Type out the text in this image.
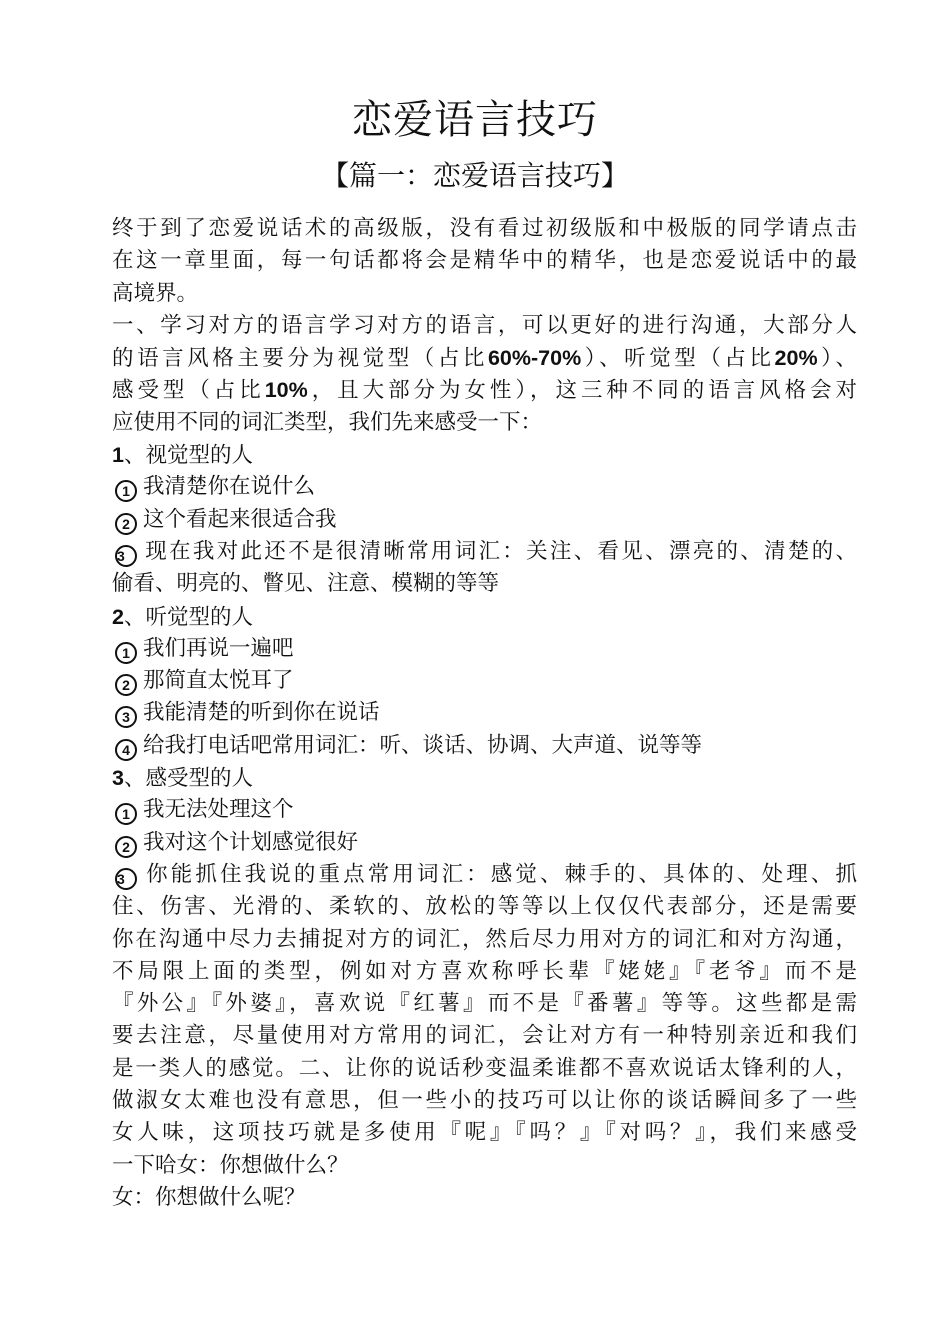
恋爱语言技巧
【篇一：恋爱语言技巧】
终于到了恋爱说话术的高级版，没有看过初级版和中极版的同学请点击
在这一章里面，每一句话都将会是精华中的精华，也是恋爱说话中的最
高境界。
一、学习对方的语言学习对方的语言，可以更好的进行沟通，大部分人
的语言风格主要分为视觉型（占比60%-70%）、听觉型（占比20%）、
感受型（占比10%，且大部分为女性），这三种不同的语言风格会对
应使用不同的词汇类型，我们先来感受一下：
1、视觉型的人
1 我清楚你在说什么
2 这个看起来很适合我
3 现在我对此还不是很清晰常用词汇：关注、看见、漂亮的、清楚的、
偷看、明亮的、瞥见、注意、模糊的等等
2、听觉型的人
1 我们再说一遍吧
2 那简直太悦耳了
3 我能清楚的听到你在说话
4 给我打电话吧常用词汇：听、谈话、协调、大声道、说等等
3、感受型的人
1 我无法处理这个
2 我对这个计划感觉很好
3 你能抓住我说的重点常用词汇：感觉、棘手的、具体的、处理、抓
住、伤害、光滑的、柔软的、放松的等等以上仅仅代表部分，还是需要
你在沟通中尽力去捕捉对方的词汇，然后尽力用对方的词汇和对方沟通，
不局限上面的类型，例如对方喜欢称呼长辈『姥姥』『老爷』而不是
『外公』『外婆』，喜欢说『红薯』而不是『番薯』等等。这些都是需
要去注意，尽量使用对方常用的词汇，会让对方有一种特别亲近和我们
是一类人的感觉。二、让你的说话秒变温柔谁都不喜欢说话太锋利的人，
做淑女太难也没有意思，但一些小的技巧可以让你的谈话瞬间多了一些
女人味，这项技巧就是多使用『呢』『吗？』『对吗？』，我们来感受
一下哈女：你想做什么？
女：你想做什么呢？
